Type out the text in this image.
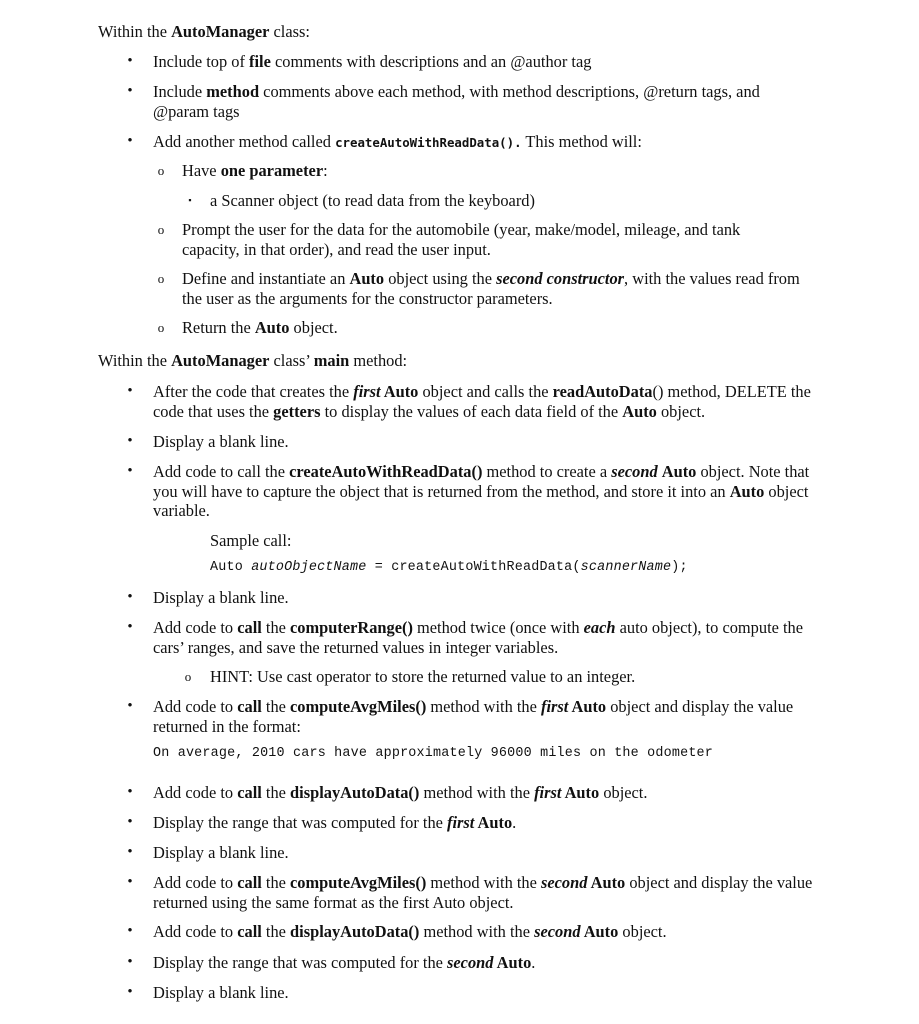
Within the AutoManager class:
• Include top of file comments with descriptions and an @author tag
• Include method comments above each method, with method descriptions, @return tags, and @param tags
• Add another method called createAutoWithReadData(). This method will:
o Have one parameter:
▪	a Scanner object (to read data from the keyboard)
o Prompt the user for the data for the automobile (year, make/model, mileage, and tank capacity, in that order), and read the user input.
o Define and instantiate an Auto object using the second constructor, with the values read from the user as the arguments for the constructor parameters.
o Return the Auto object.
Within the AutoManager class’ main method:
• After the code that creates the first Auto object and calls the readAutoData() method, DELETE the code that uses the getters to display the values of each data field of the Auto object.
• Display a blank line.
• Add code to call the createAutoWithReadData() method to create a second Auto object. Note that you will have to capture the object that is returned from the method, and store it into an Auto object variable.
Sample call:
Auto autoObjectName = createAutoWithReadData(scannerName);
• Display a blank line.
• Add code to call the computerRange() method twice (once with each auto object), to compute the cars’ ranges, and save the returned values in integer variables.
o HINT: Use cast operator to store the returned value to an integer.
• Add code to call the computeAvgMiles() method with the first Auto object and display the value returned in the format:
On average, 2010 cars have approximately 96000 miles on the odometer
• Add code to call the displayAutoData() method with the first Auto object.
• Display the range that was computed for the first Auto.
• Display a blank line.
• Add code to call the computeAvgMiles() method with the second Auto object and display the value returned using the same format as the first Auto object.
• Add code to call the displayAutoData() method with the second Auto object.
• Display the range that was computed for the second Auto.
• Display a blank line.
